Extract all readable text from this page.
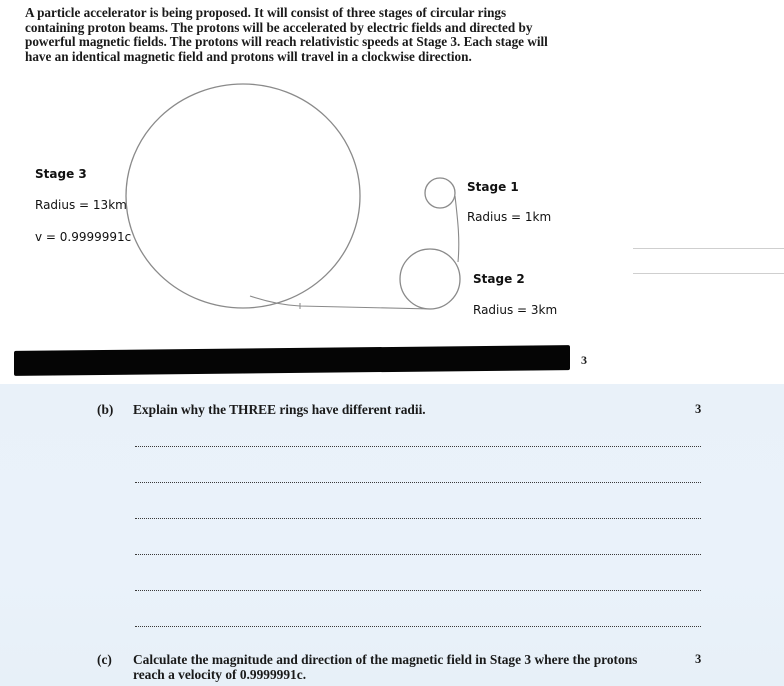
A particle accelerator is being proposed. It will consist of three stages of circular rings containing proton beams. The protons will be accelerated by electric fields and directed by powerful magnetic fields. The protons will reach relativistic speeds at Stage 3. Each stage will have an identical magnetic field and protons will travel in a clockwise direction.

Stage 3
Radius = 13km
v = 0.9999991c
Stage 1
Radius = 1km
Stage 2
Radius = 3km
3
(b) Explain why the THREE rings have different radii.	3
(c) Calculate the magnitude and direction of the magnetic field in Stage 3 where the protons reach a velocity of 0.9999991c.
3
